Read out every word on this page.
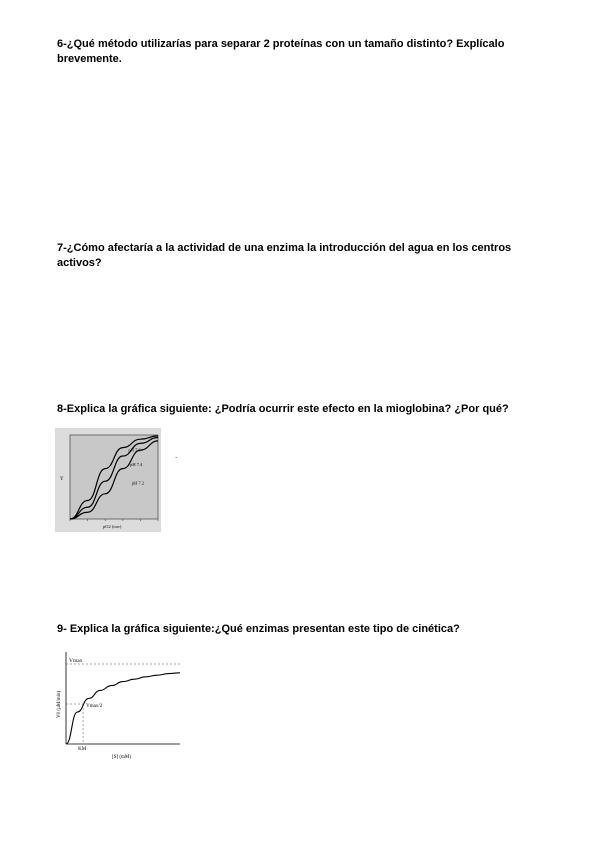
6-¿Qué método utilizarías para separar 2 proteínas con un tamaño distinto? Explícalo brevemente.

7-¿Cómo afectaría a la actividad de una enzima la introducción del agua en los centros activos?

8-Explica la gráfica siguiente: ¿Podría ocurrir este efecto en la mioglobina? ¿Por qué?

9- Explica la gráfica siguiente:¿Qué enzimas presentan este tipo de cinética?

pH 7.6
pH 7.4
pH 7.2
Y
pO2 (torr)
.
Vmax
Vmax/2
KM
[S] (mM)
V0 (µM/min)
